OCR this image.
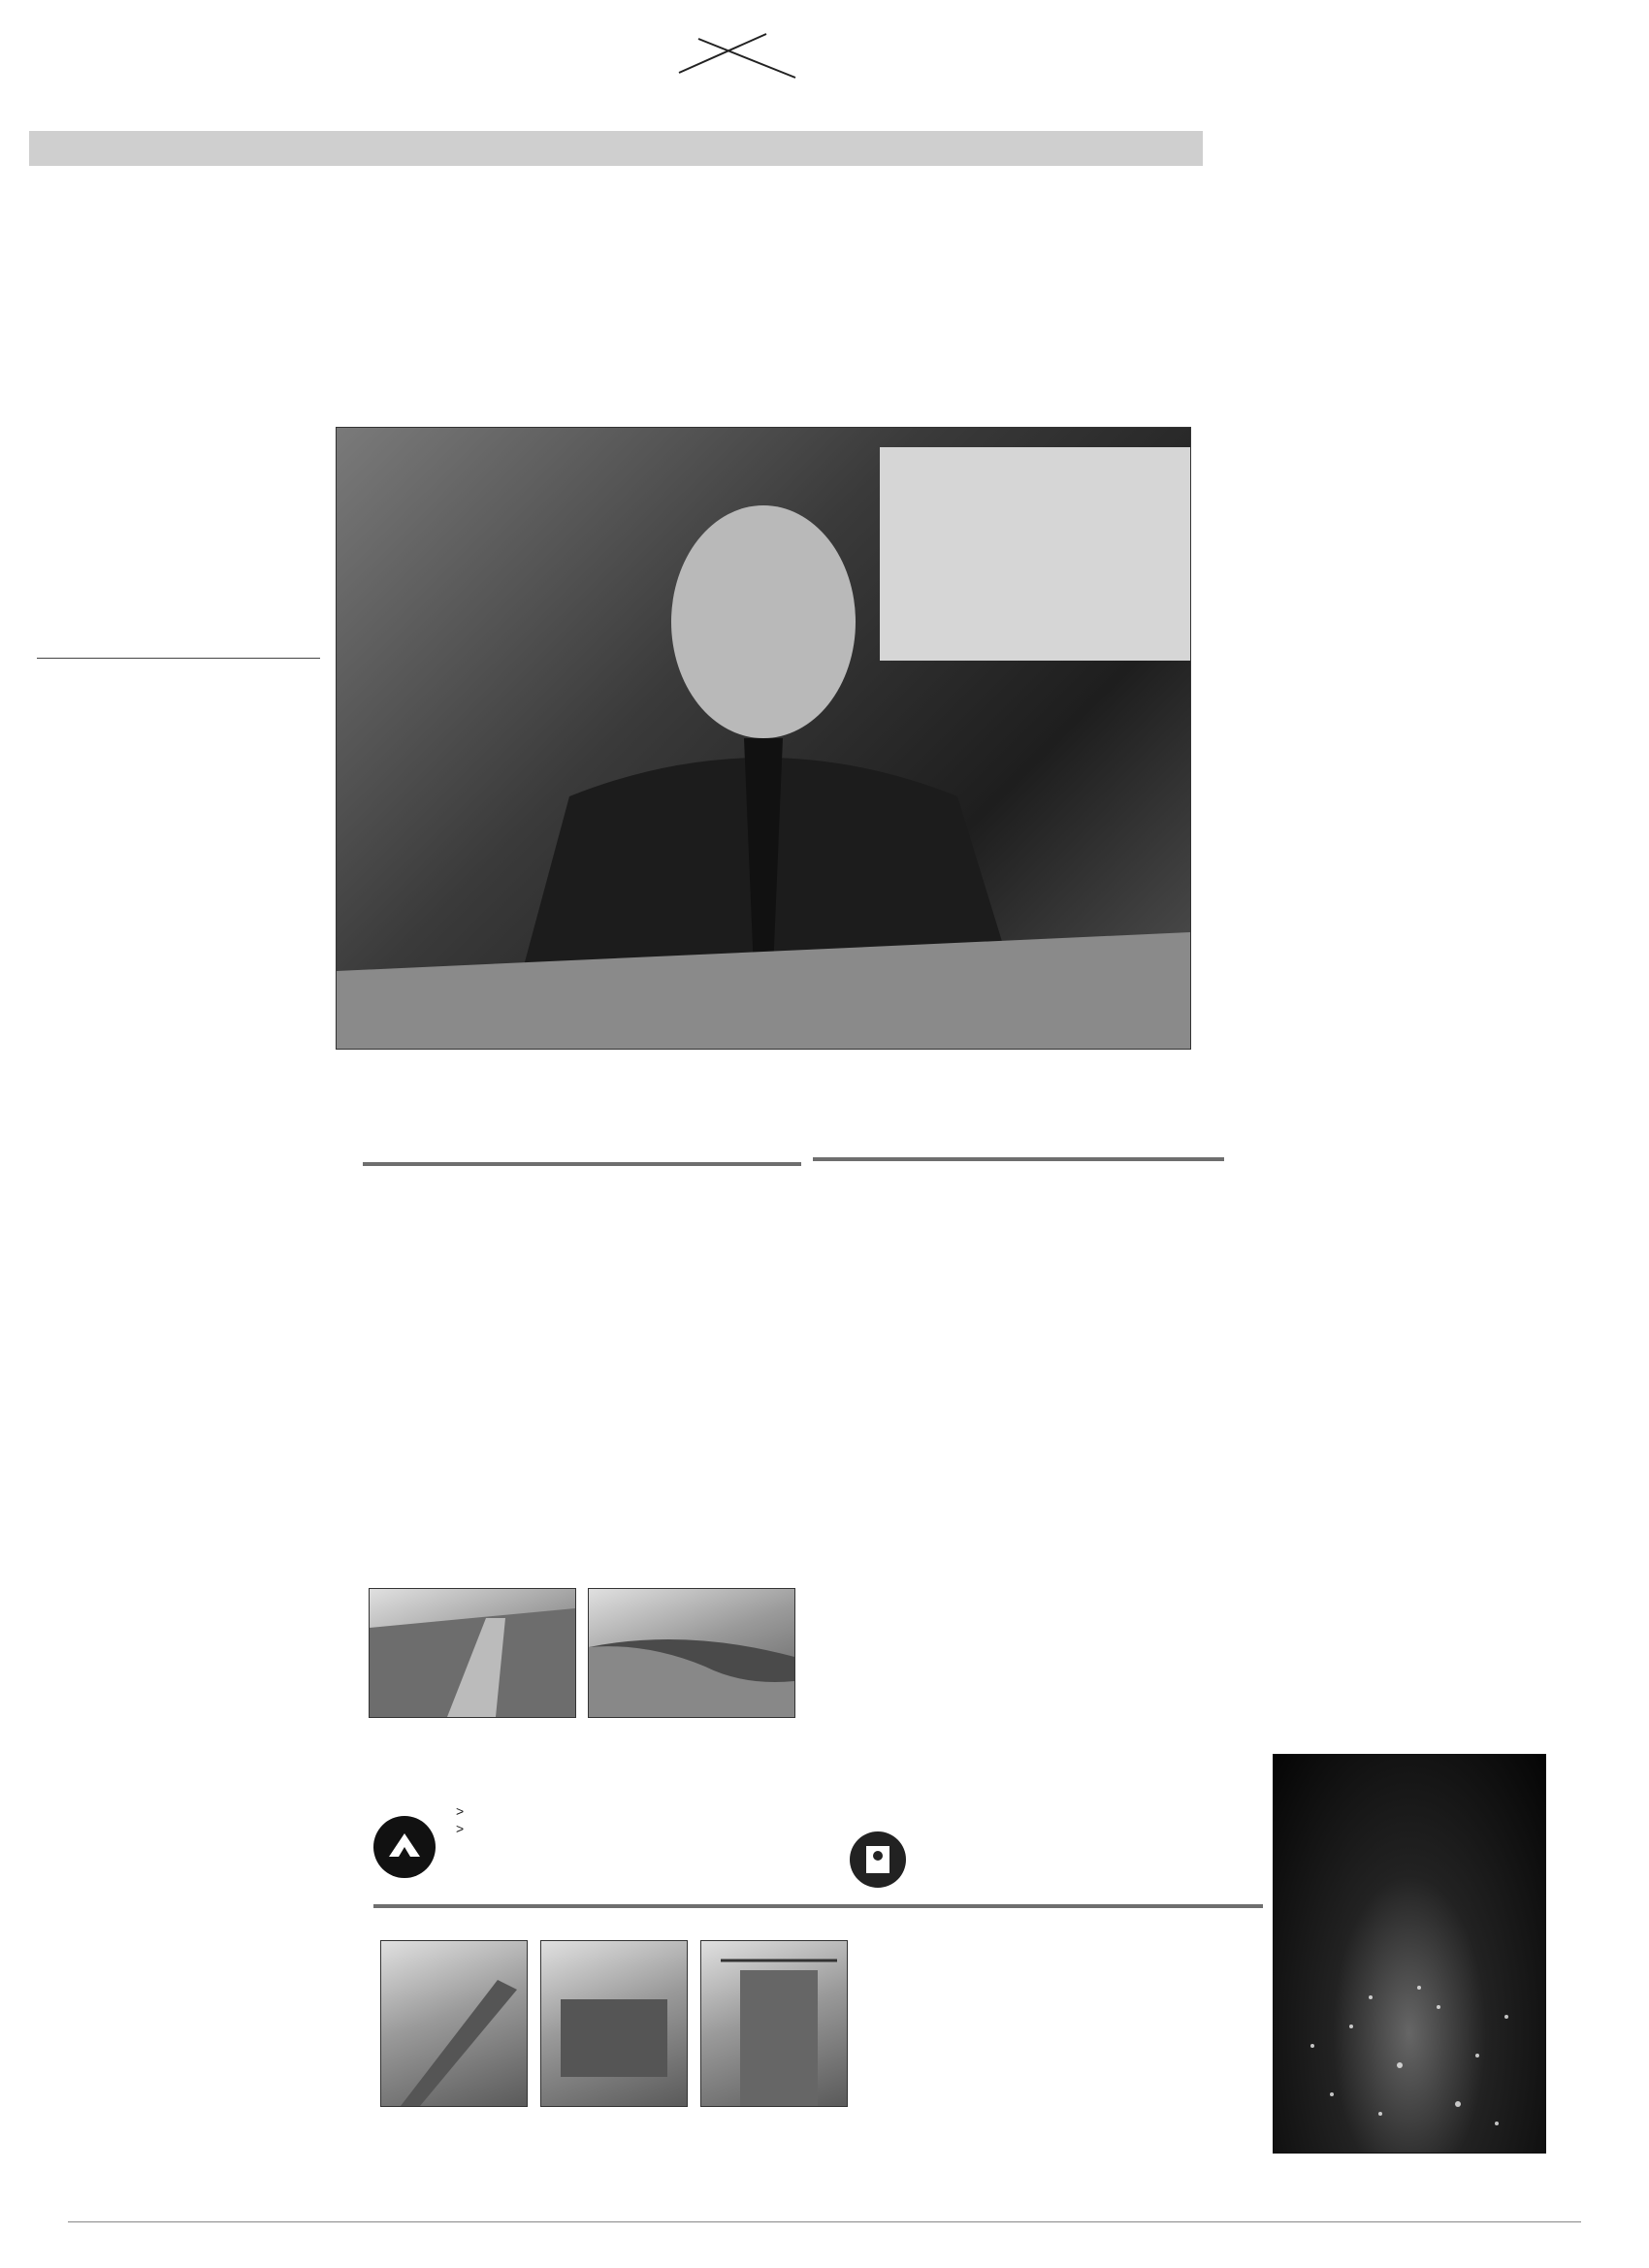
>
>
